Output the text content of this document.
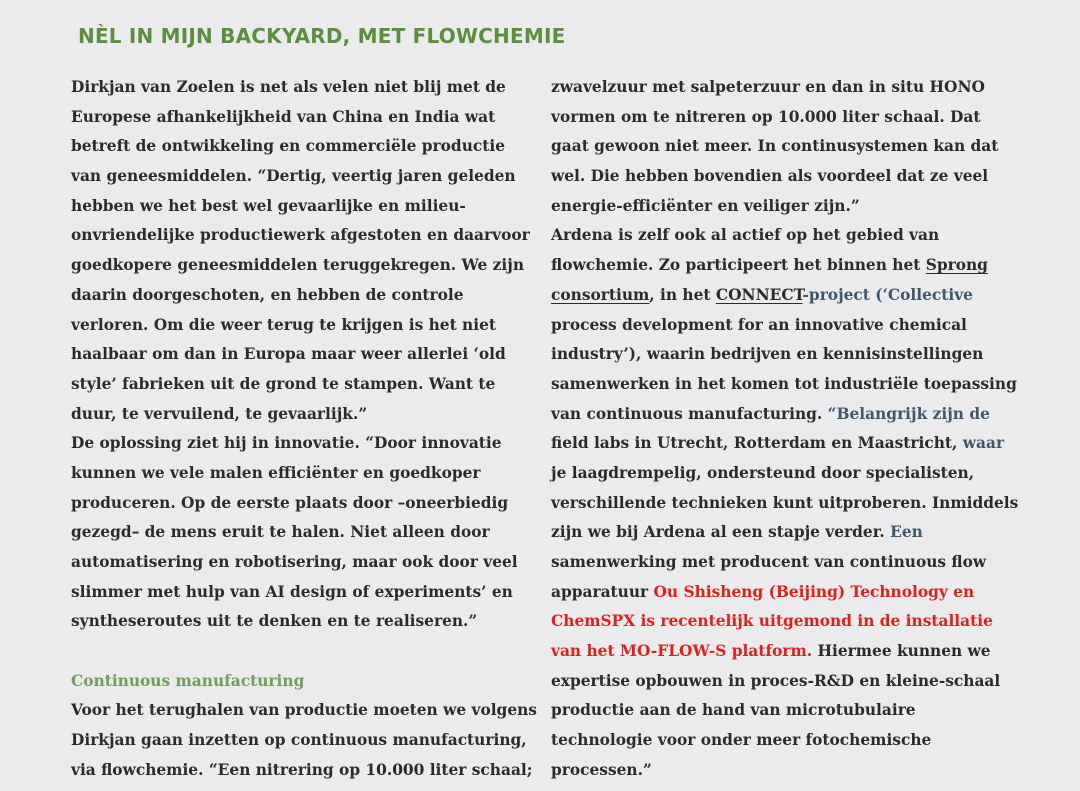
NÈL IN MIJN BACKYARD, MET FLOWCHEMIE
Dirkjan van Zoelen is net als velen niet blij met de
Europese afhankelijkheid van China en India wat
betreft de ontwikkeling en commerciële productie
van geneesmiddelen. “Dertig, veertig jaren geleden
hebben we het best wel gevaarlijke en milieu-
onvriendelijke productiewerk afgestoten en daarvoor
goedkopere geneesmiddelen teruggekregen. We zijn
daarin doorgeschoten, en hebben de controle
verloren. Om die weer terug te krijgen is het niet
haalbaar om dan in Europa maar weer allerlei ‘old
style’ fabrieken uit de grond te stampen. Want te
duur, te vervuilend, te gevaarlijk.”
De oplossing ziet hij in innovatie. “Door innovatie
kunnen we vele malen efficiënter en goedkoper
produceren. Op de eerste plaats door –oneerbiedig
gezegd– de mens eruit te halen. Niet alleen door
automatisering en robotisering, maar ook door veel
slimmer met hulp van AI design of experiments’ en
syntheseroutes uit te denken en te realiseren.”
Continuous manufacturing
Voor het terughalen van productie moeten we volgens
Dirkjan gaan inzetten op continuous manufacturing,
via flowchemie. “Een nitrering op 10.000 liter schaal;
zwavelzuur met salpeterzuur en dan in situ HONO
vormen om te nitreren op 10.000 liter schaal. Dat
gaat gewoon niet meer. In continusystemen kan dat
wel. Die hebben bovendien als voordeel dat ze veel
energie-efficiënter en veiliger zijn.”
Ardena is zelf ook al actief op het gebied van
flowchemie. Zo participeert het binnen het Sprong
consortium, in het CONNECT-project (‘Collective
process development for an innovative chemical
industry’), waarin bedrijven en kennisinstellingen
samenwerken in het komen tot industriële toepassing
van continuous manufacturing. “Belangrijk zijn de
field labs in Utrecht, Rotterdam en Maastricht, waar
je laagdrempelig, ondersteund door specialisten,
verschillende technieken kunt uitproberen. Inmiddels
zijn we bij Ardena al een stapje verder. Een
samenwerking met producent van continuous flow
apparatuur Ou Shisheng (Beijing) Technology en
ChemSPX is recentelijk uitgemond in de installatie
van het MO-FLOW-S platform. Hiermee kunnen we
expertise opbouwen in proces-R&D en kleine-schaal
productie aan de hand van microtubulaire
technologie voor onder meer fotochemische
processen.”
